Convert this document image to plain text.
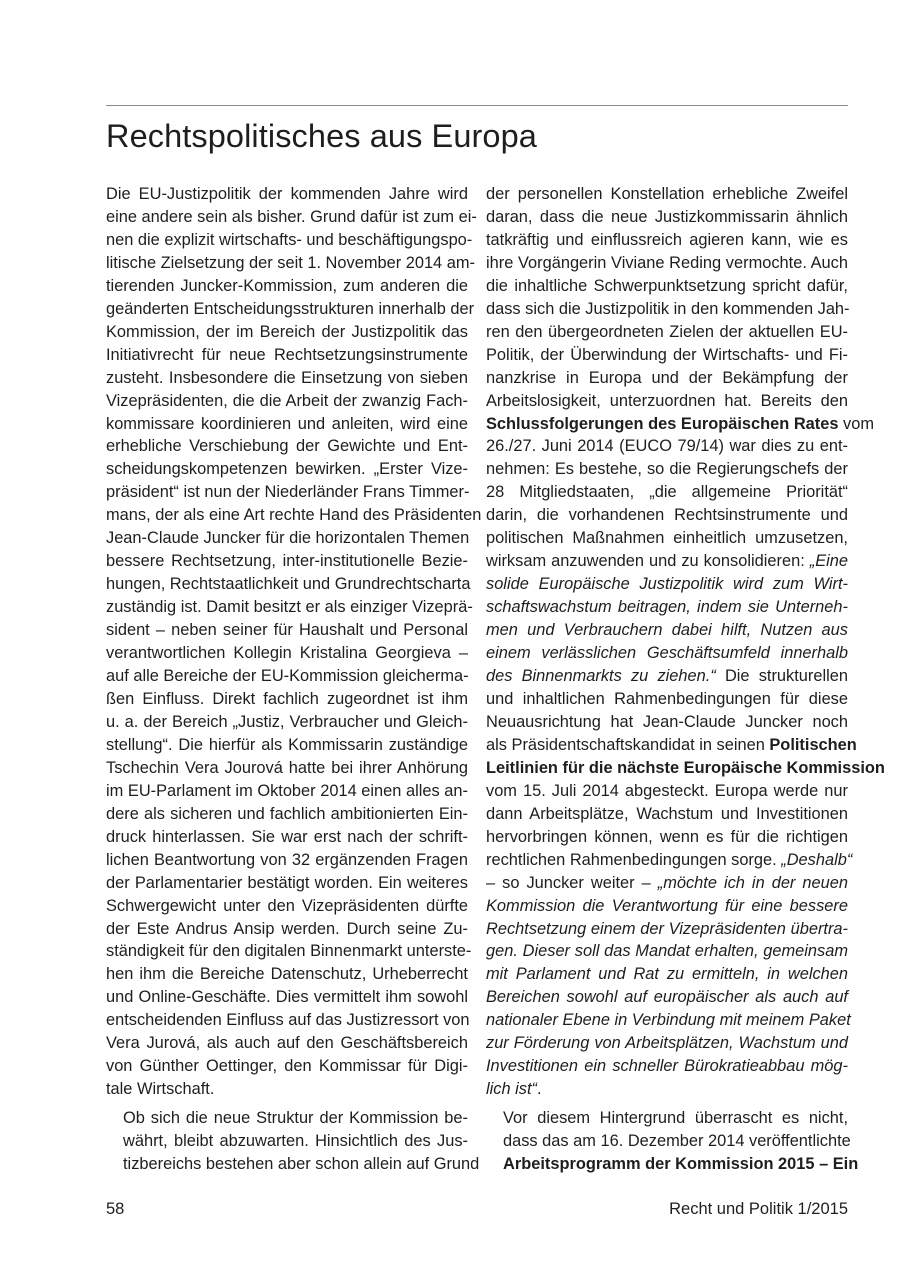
Rechtspolitisches aus Europa

Die EU-Justizpolitik der kommenden Jahre wird
eine andere sein als bisher. Grund dafür ist zum ei-
nen die explizit wirtschafts- und beschäftigungspo-
litische Zielsetzung der seit 1. November 2014 am-
tierenden Juncker-Kommission, zum anderen die
geänderten Entscheidungsstrukturen innerhalb der
Kommission, der im Bereich der Justizpolitik das
Initiativrecht für neue Rechtsetzungsinstrumente
zusteht. Insbesondere die Einsetzung von sieben
Vizepräsidenten, die die Arbeit der zwanzig Fach-
kommissare koordinieren und anleiten, wird eine
erhebliche Verschiebung der Gewichte und Ent-
scheidungskompetenzen bewirken. „Erster Vize-
präsident“ ist nun der Niederländer Frans Timmer-
mans, der als eine Art rechte Hand des Präsidenten
Jean-Claude Juncker für die horizontalen Themen
bessere Rechtsetzung, inter-institutionelle Bezie-
hungen, Rechtstaatlichkeit und Grundrechtscharta
zuständig ist. Damit besitzt er als einziger Vizeprä-
sident – neben seiner für Haushalt und Personal
verantwortlichen Kollegin Kristalina Georgieva –
auf alle Bereiche der EU-Kommission gleicherma-
ßen Einfluss. Direkt fachlich zugeordnet ist ihm
u. a. der Bereich „Justiz, Verbraucher und Gleich-
stellung“. Die hierfür als Kommissarin zuständige
Tschechin Vera Jourová hatte bei ihrer Anhörung
im EU-Parlament im Oktober 2014 einen alles an-
dere als sicheren und fachlich ambitionierten Ein-
druck hinterlassen. Sie war erst nach der schrift-
lichen Beantwortung von 32 ergänzenden Fragen
der Parlamentarier bestätigt worden. Ein weiteres
Schwergewicht unter den Vizepräsidenten dürfte
der Este Andrus Ansip werden. Durch seine Zu-
ständigkeit für den digitalen Binnenmarkt unterste-
hen ihm die Bereiche Datenschutz, Urheberrecht
und Online-Geschäfte. Dies vermittelt ihm sowohl
entscheidenden Einfluss auf das Justizressort von
Vera Jurová, als auch auf den Geschäftsbereich
von Günther Oettinger, den Kommissar für Digi-
tale Wirtschaft.

Ob sich die neue Struktur der Kommission be-
währt, bleibt abzuwarten. Hinsichtlich des Jus-
tizbereichs bestehen aber schon allein auf Grund

der personellen Konstellation erhebliche Zweifel
daran, dass die neue Justizkommissarin ähnlich
tatkräftig und einflussreich agieren kann, wie es
ihre Vorgängerin Viviane Reding vermochte. Auch
die inhaltliche Schwerpunktsetzung spricht dafür,
dass sich die Justizpolitik in den kommenden Jah-
ren den übergeordneten Zielen der aktuellen EU-
Politik, der Überwindung der Wirtschafts- und Fi-
nanzkrise in Europa und der Bekämpfung der
Arbeitslosigkeit, unterzuordnen hat. Bereits den
Schlussfolgerungen des Europäischen Rates vom
26./27. Juni 2014 (EUCO 79/14) war dies zu ent-
nehmen: Es bestehe, so die Regierungschefs der
28 Mitgliedstaaten, „die allgemeine Priorität“
darin, die vorhandenen Rechtsinstrumente und
politischen Maßnahmen einheitlich umzusetzen,
wirksam anzuwenden und zu konsolidieren: „Eine
solide Europäische Justizpolitik wird zum Wirt-
schaftswachstum beitragen, indem sie Unterneh-
men und Verbrauchern dabei hilft, Nutzen aus
einem verlässlichen Geschäftsumfeld innerhalb
des Binnenmarkts zu ziehen.“ Die strukturellen
und inhaltlichen Rahmenbedingungen für diese
Neuausrichtung hat Jean-Claude Juncker noch
als Präsidentschaftskandidat in seinen Politischen
Leitlinien für die nächste Europäische Kommission
vom 15. Juli 2014 abgesteckt. Europa werde nur
dann Arbeitsplätze, Wachstum und Investitionen
hervorbringen können, wenn es für die richtigen
rechtlichen Rahmenbedingungen sorge. „Deshalb“
– so Juncker weiter – „möchte ich in der neuen
Kommission die Verantwortung für eine bessere
Rechtsetzung einem der Vizepräsidenten übertra-
gen. Dieser soll das Mandat erhalten, gemeinsam
mit Parlament und Rat zu ermitteln, in welchen
Bereichen sowohl auf europäischer als auch auf
nationaler Ebene in Verbindung mit meinem Paket
zur Förderung von Arbeitsplätzen, Wachstum und
Investitionen ein schneller Bürokratieabbau mög-
lich ist“.

Vor diesem Hintergrund überrascht es nicht,
dass das am 16. Dezember 2014 veröffentlichte
Arbeitsprogramm der Kommission 2015 – Ein

58	Recht und Politik 1/2015
